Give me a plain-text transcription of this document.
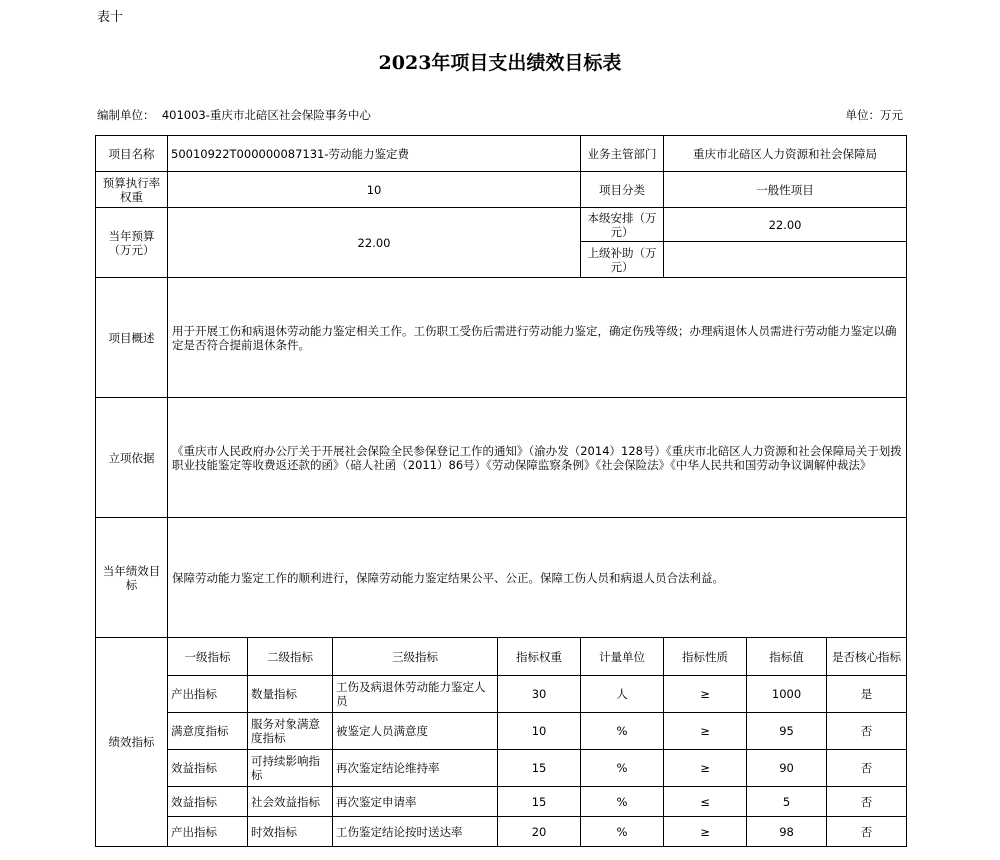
表十
2023年项目支出绩效目标表
编制单位： 401003-重庆市北碚区社会保险事务中心	单位：万元
项目名称	50010922T000000087131-劳动能力鉴定费				业务主管部门	重庆市北碚区人力资源和社会保障局		
预算执行率权重	10				项目分类	一般性项目		
当年预算（万元）	22.00				本级安排（万元）	22.00		
					上级补助（万元）			
项目概述	用于开展工伤和病退休劳动能力鉴定相关工作。工伤职工受伤后需进行劳动能力鉴定，确定伤残等级；办理病退休人员需进行劳动能力鉴定以确定是否符合提前退休条件。							
立项依据	《重庆市人民政府办公厅关于开展社会保险全民参保登记工作的通知》（渝办发（2014）128号）《重庆市北碚区人力资源和社会保障局关于划拨职业技能鉴定等收费返还款的函》（碚人社函（2011）86号）《劳动保障监察条例》《社会保险法》《中华人民共和国劳动争议调解仲裁法》							
当年绩效目标	保障劳动能力鉴定工作的顺利进行，保障劳动能力鉴定结果公平、公正。保障工伤人员和病退人员合法利益。							
绩效指标	一级指标	二级指标	三级指标	指标权重	计量单位	指标性质	指标值	是否核心指标
	产出指标	数量指标	工伤及病退休劳动能力鉴定人员	30	人	≥	1000	是
	满意度指标	服务对象满意度指标	被鉴定人员满意度	10	%	≥	95	否
	效益指标	可持续影响指标	再次鉴定结论维持率	15	%	≥	90	否
	效益指标	社会效益指标	再次鉴定申请率	15	%	≤	5	否
	产出指标	时效指标	工伤鉴定结论按时送达率	20	%	≥	98	否
